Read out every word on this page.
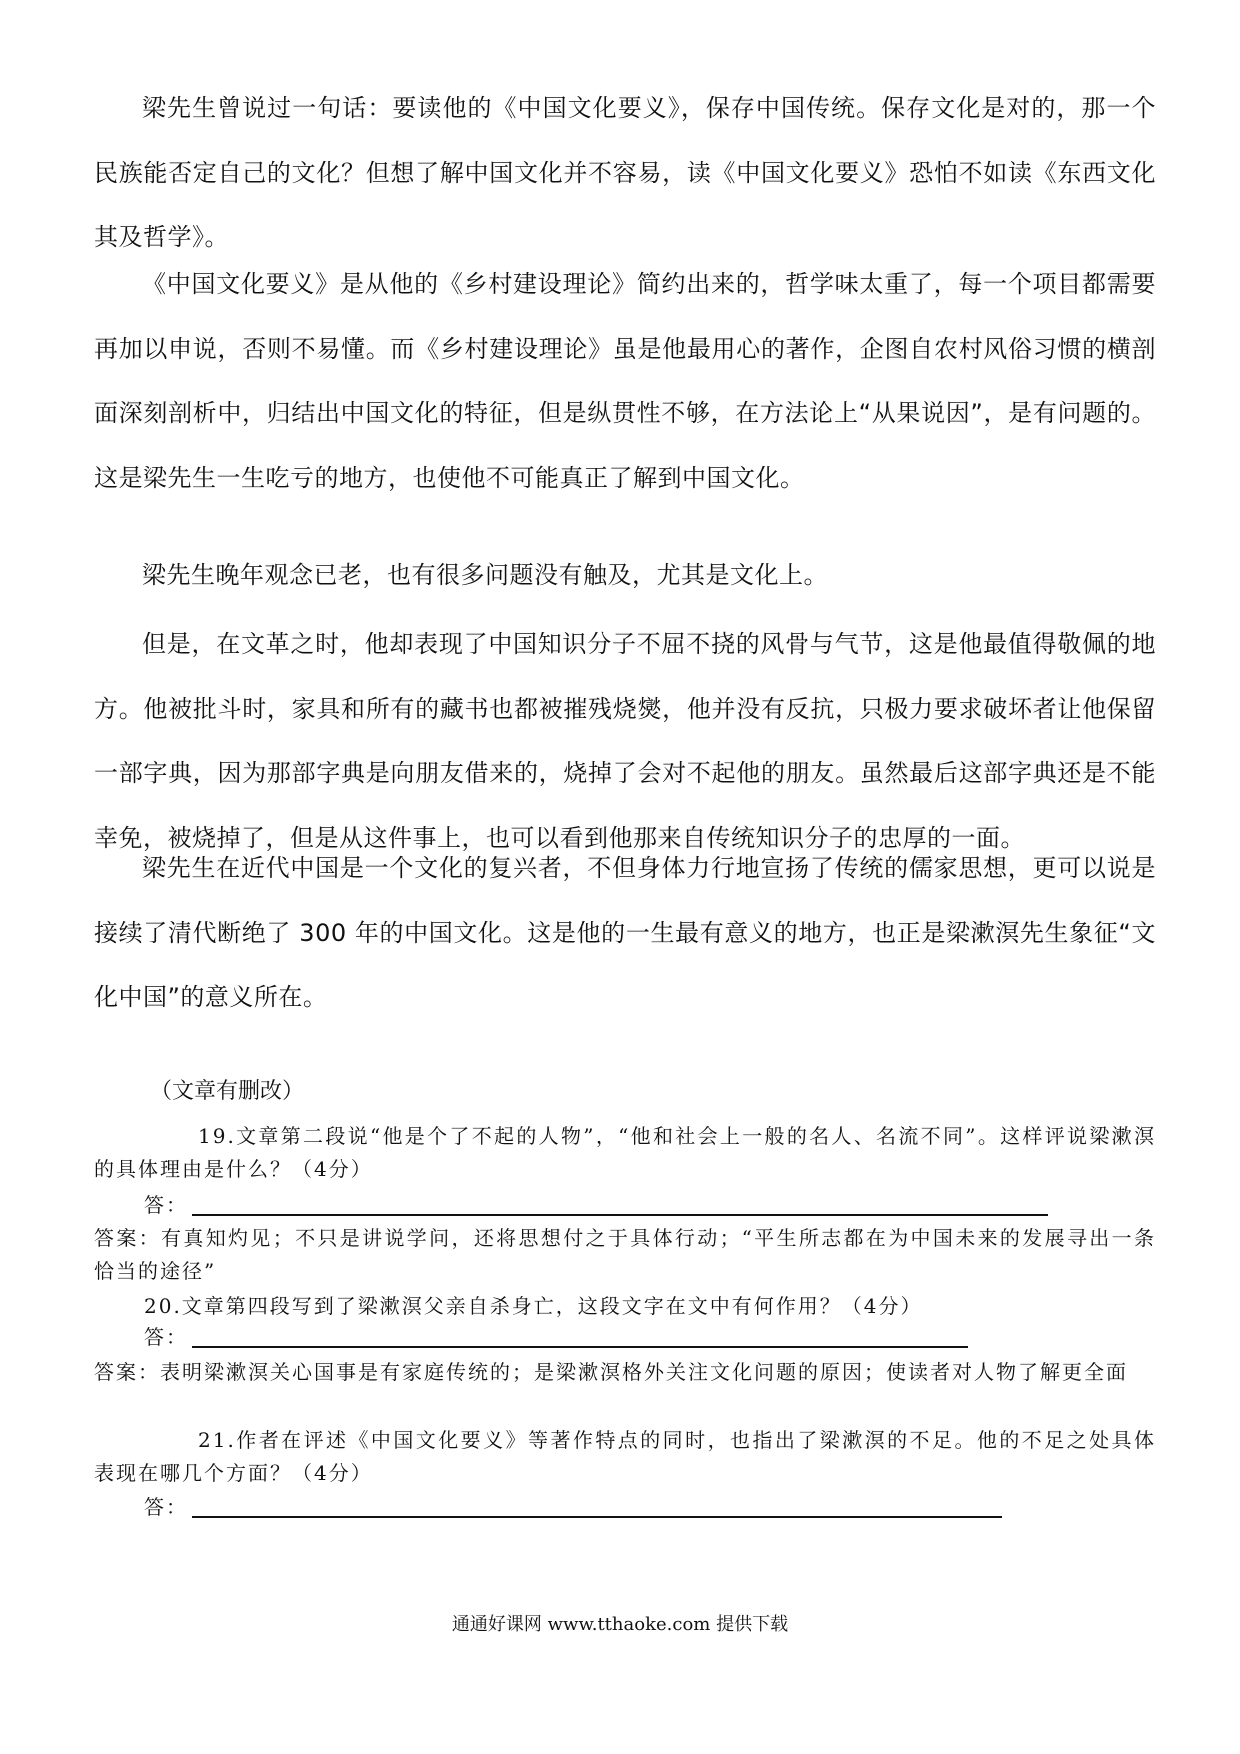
梁先生曾说过一句话：要读他的《中国文化要义》，保存中国传统。保存文化是对的，那一个民族能否定自己的文化？但想了解中国文化并不容易，读《中国文化要义》恐怕不如读《东西文化其及哲学》。

《中国文化要义》是从他的《乡村建设理论》简约出来的，哲学味太重了，每一个项目都需要再加以申说，否则不易懂。而《乡村建设理论》虽是他最用心的著作，企图自农村风俗习惯的横剖面深刻剖析中，归结出中国文化的特征，但是纵贯性不够，在方法论上“从果说因”，是有问题的。这是梁先生一生吃亏的地方，也使他不可能真正了解到中国文化。

梁先生晚年观念已老，也有很多问题没有触及，尤其是文化上。

但是，在文革之时，他却表现了中国知识分子不屈不挠的风骨与气节，这是他最值得敬佩的地方。他被批斗时，家具和所有的藏书也都被摧残烧爕，他并没有反抗，只极力要求破坏者让他保留一部字典，因为那部字典是向朋友借来的，烧掉了会对不起他的朋友。虽然最后这部字典还是不能幸免，被烧掉了，但是从这件事上，也可以看到他那来自传统知识分子的忠厚的一面。

梁先生在近代中国是一个文化的复兴者，不但身体力行地宣扬了传统的儒家思想，更可以说是接续了清代断绝了 300 年的中国文化。这是他的一生最有意义的地方，也正是梁漱溟先生象征“文化中国”的意义所在。

（文章有删改）

19.文章第二段说“他是个了不起的人物”，“他和社会上一般的名人、名流不同”。这样评说梁漱溟的具体理由是什么？（4分）

答：

答案：有真知灼见；不只是讲说学问，还将思想付之于具体行动；“平生所志都在为中国未来的发展寻出一条恰当的途径”

20.文章第四段写到了梁漱溟父亲自杀身亡，这段文字在文中有何作用？（4分）

答：

答案：表明梁漱溟关心国事是有家庭传统的；是梁漱溟格外关注文化问题的原因；使读者对人物了解更全面

21.作者在评述《中国文化要义》等著作特点的同时，也指出了梁漱溟的不足。他的不足之处具体表现在哪几个方面？（4分）

答：

通通好课网 www.tthaoke.com 提供下载
